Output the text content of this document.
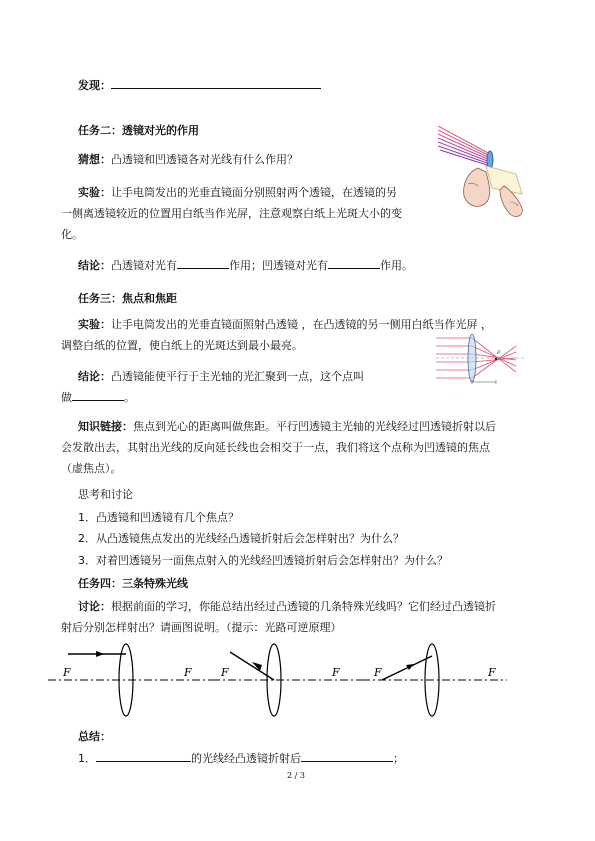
发现：
任务二：透镜对光的作用
猜想：凸透镜和凹透镜各对光线有什么作用？
实验：让手电筒发出的光垂直镜面分别照射两个透镜，在透镜的另
一侧离透镜较近的位置用白纸当作光屏，注意观察白纸上光斑大小的变
化。
结论：凸透镜对光有	作用；凹透镜对光有	作用。
任务三：焦点和焦距
实验：让手电筒发出的光垂直镜面照射凸透镜 ，在凸透镜的另一侧用白纸当作光屏 ，
调整白纸的位置，使白纸上的光斑达到最小最亮。
结论：凸透镜能使平行于主光轴的光汇聚到一点，这个点叫
做	。
F
知识链接：焦点到光心的距离叫做焦距。平行凹透镜主光轴的光线经过凹透镜折射以后
会发散出去，其射出光线的反向延长线也会相交于一点，我们将这个点称为凹透镜的焦点
（虚焦点）。
思考和讨论
1．凸透镜和凹透镜有几个焦点？
2．从凸透镜焦点发出的光线经凸透镜折射后会怎样射出？为什么？
3．对着凹透镜另一面焦点射入的光线经凹透镜折射后会怎样射出？为什么？
任务四：三条特殊光线
讨论：根据前面的学习，你能总结出经过凸透镜的几条特殊光线吗？它们经过凸透镜折
射后分别怎样射出？请画图说明。（提示：光路可逆原理）
F	F	F	F	F	F
总结：
1．	的光线经凸透镜折射后	；
2 / 3
